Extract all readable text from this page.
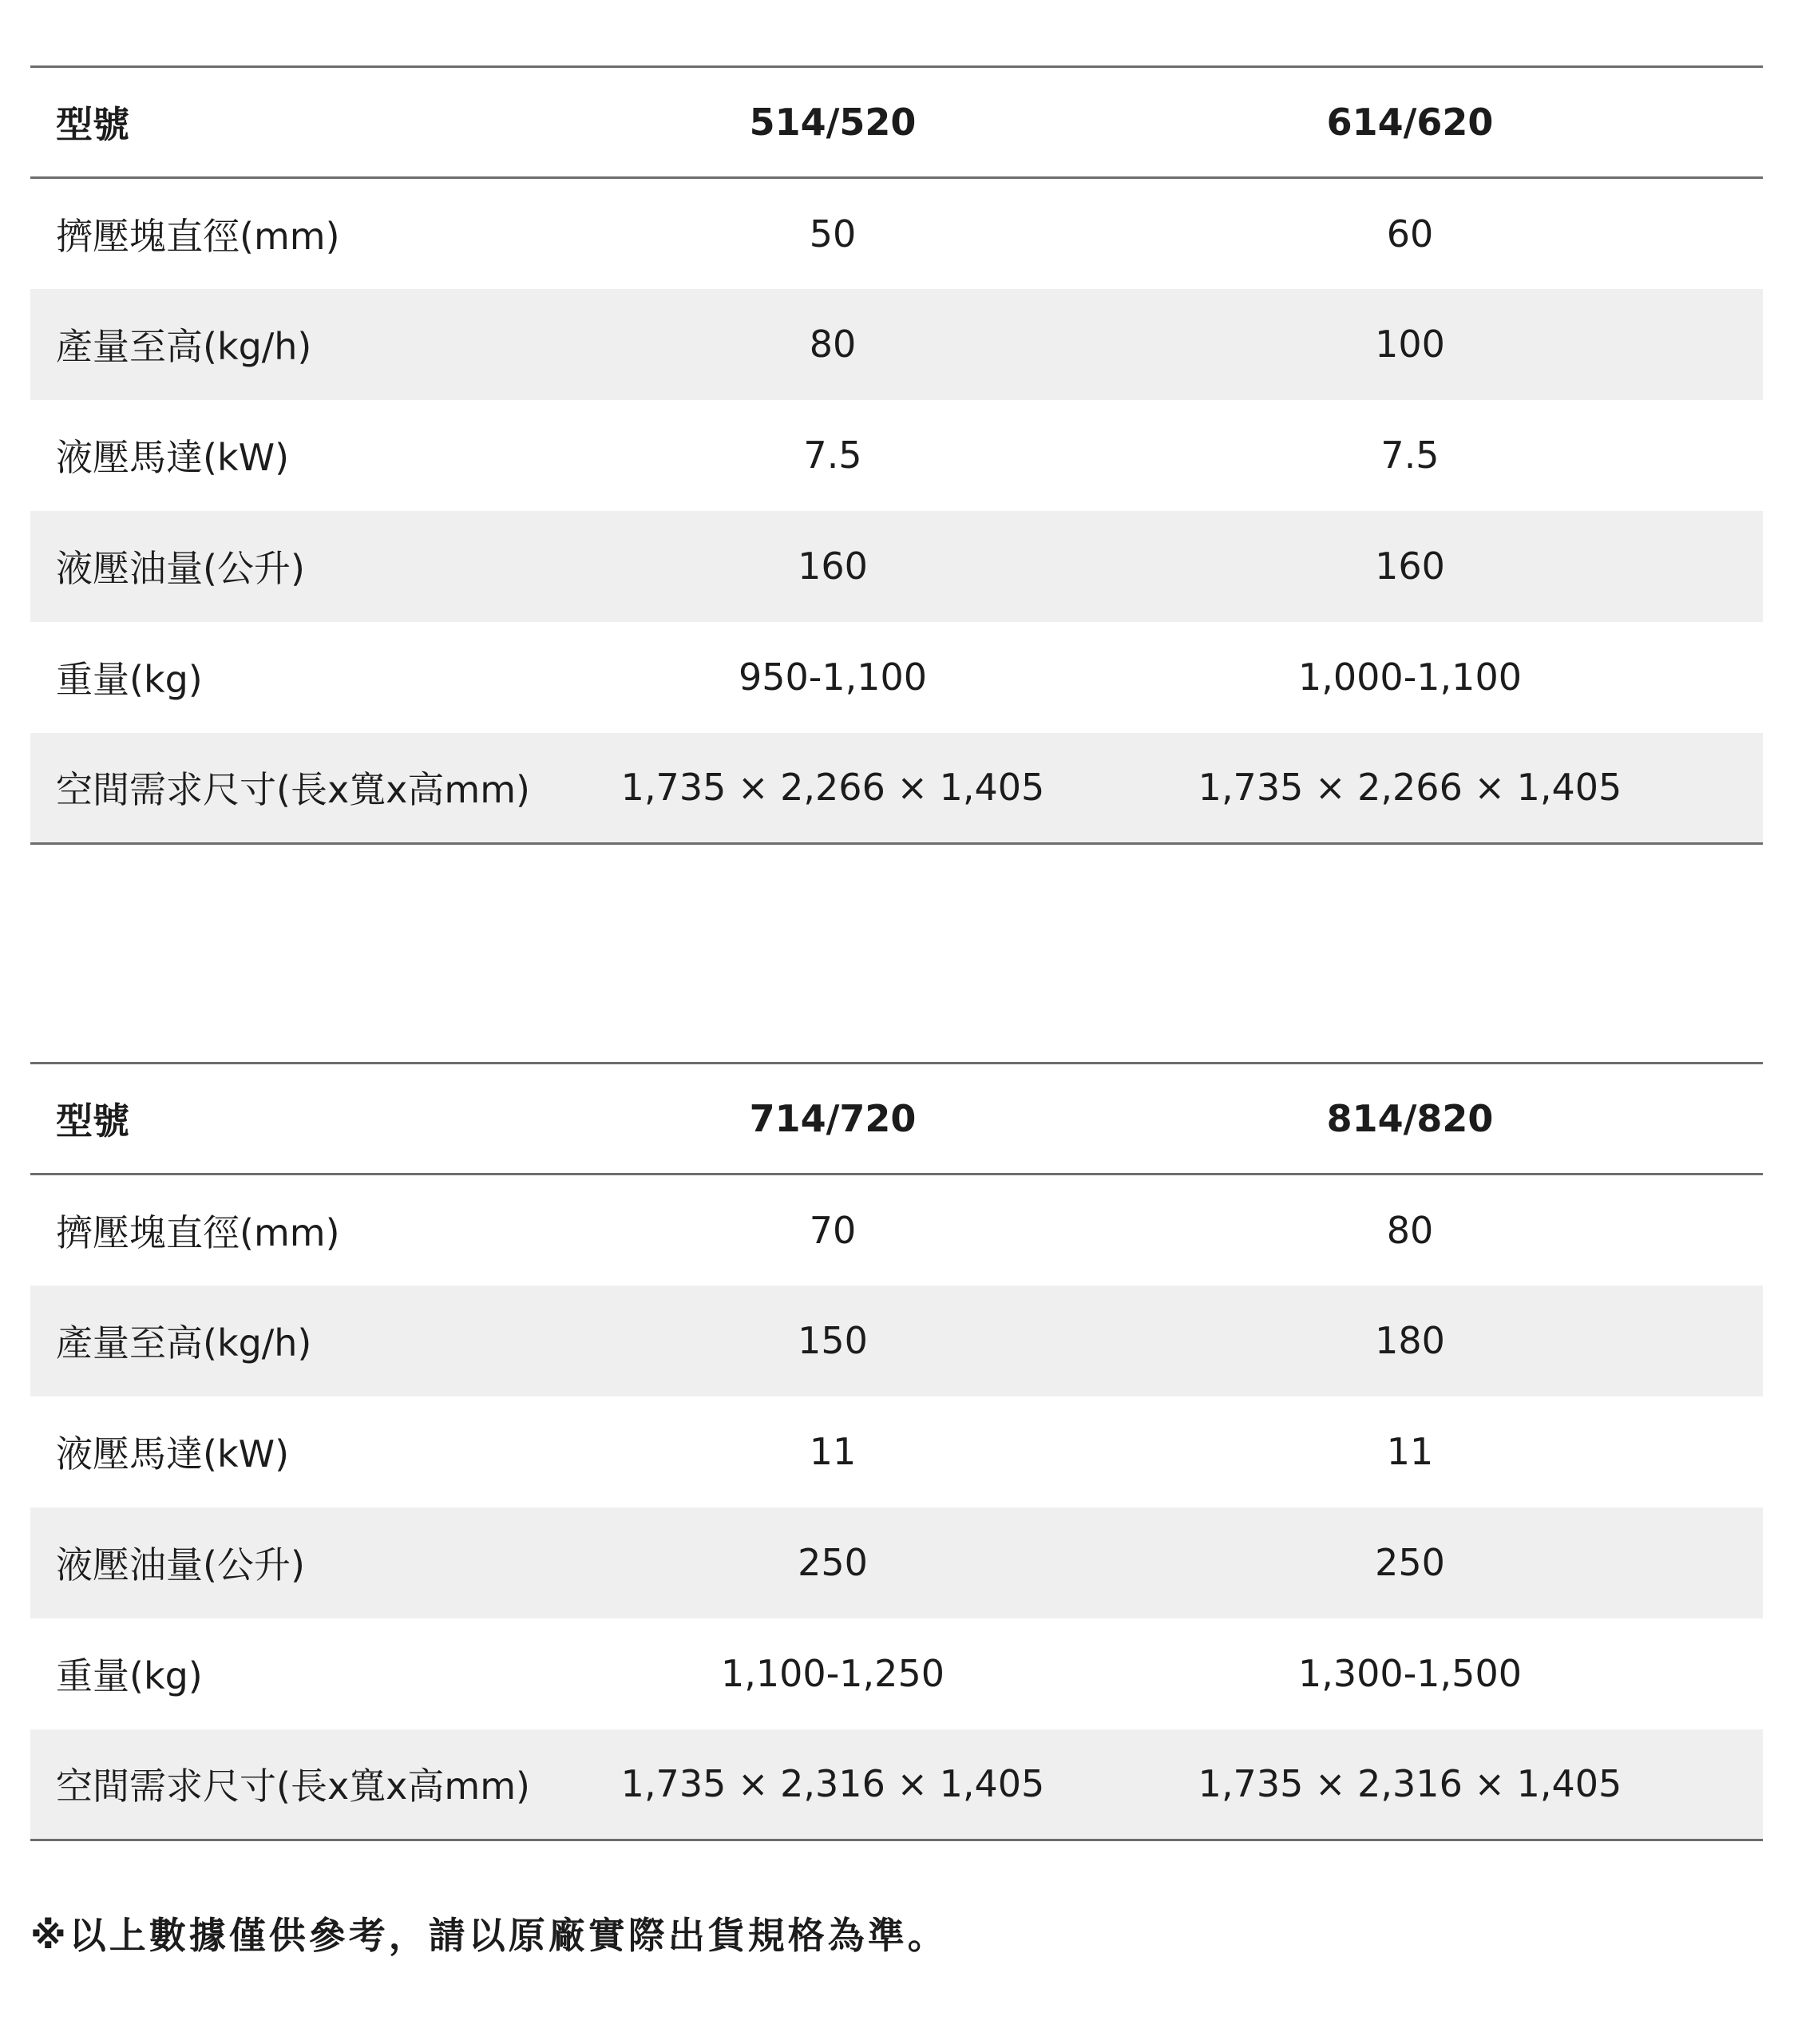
型號	514/520	614/620	
擠壓塊直徑(mm)	50	60	
產量至高(kg/h)	80	100	
液壓馬達(kW)	7.5	7.5	
液壓油量(公升)	160	160	
重量(kg)	950-1,100	1,000-1,100	
空間需求尺寸(長x寬x高mm)	1,735 × 2,266 × 1,405	1,735 × 2,266 × 1,405	
型號	714/720	814/820	
擠壓塊直徑(mm)	70	80	
產量至高(kg/h)	150	180	
液壓馬達(kW)	11	11	
液壓油量(公升)	250	250	
重量(kg)	1,100-1,250	1,300-1,500	
空間需求尺寸(長x寬x高mm)	1,735 × 2,316 × 1,405	1,735 × 2,316 × 1,405	
※以上數據僅供參考，請以原廠實際出貨規格為準。
